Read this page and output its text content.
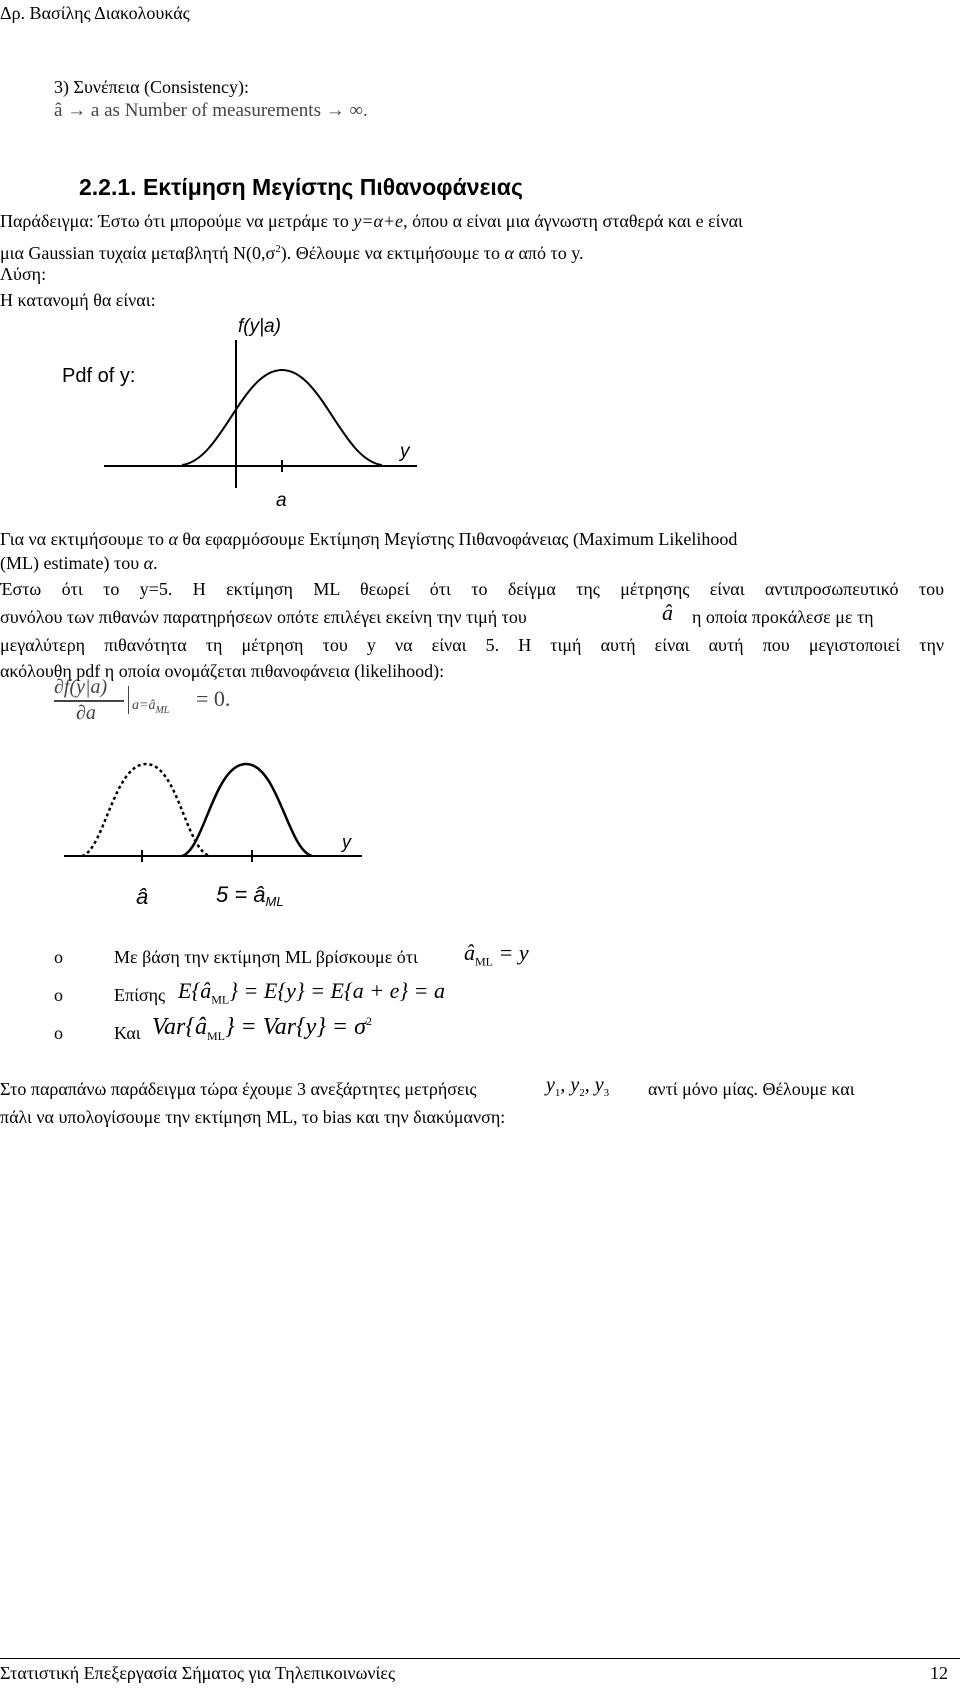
Δρ. Βασίλης Διακολουκάς
3) Συνέπεια (Consistency):
â → a as Number of measurements → ∞.
2.2.1. Εκτίμηση Μεγίστης Πιθανοφάνειας
Παράδειγμα: Έστω ότι μπορούμε να μετράμε το y=α+e, όπου α είναι μια άγνωστη σταθερά και e είναι
μια Gaussian τυχαία μεταβλητή $N(0,\sigma^2)$. Θέλουμε να εκτιμήσουμε το α από το y.
Λύση:
Η κατανομή θα είναι:
Pdf of y:
f(y|a)
y
a
Για να εκτιμήσουμε το α θα εφαρμόσουμε Εκτίμηση Μεγίστης Πιθανοφάνειας (Maximum Likelihood
(ML) estimate) του α.
Έστω ότι το y=5. Η εκτίμηση ML θεωρεί ότι το δείγμα της μέτρησης είναι αντιπροσωπευτικό του
συνόλου των πιθανών παρατηρήσεων οπότε επιλέγει εκείνη την τιμή του	â η οποία προκάλεσε με τη
μεγαλύτερη πιθανότητα τη μέτρηση του y να είναι 5. Η τιμή αυτή είναι αυτή που μεγιστοποιεί την
ακόλουθη pdf η οποία ονομάζεται πιθανοφάνεια (likelihood):
∂f(y|a)
∂a	$a=â_{ML} = 0$.
y
â	5 = âML
o	Με βάση την εκτίμηση ML βρίσκουμε ότι $â_{ML} = y$
o	Επίσης $E\{â_{ML}\} = E\{y\} = E\{a + e\} = a$
o	Και $Var\{â_{ML}\} = Var\{y\} = \sigma^2$
Στο παραπάνω παράδειγμα τώρα έχουμε 3 ανεξάρτητες μετρήσεις	$y_1$, $y_2$, $y_3$ αντί μόνο μίας. Θέλουμε και
πάλι να υπολογίσουμε την εκτίμηση ML, το bias και την διακύμανση:
Στατιστική Επεξεργασία Σήματος για Τηλεπικοινωνίες	12
